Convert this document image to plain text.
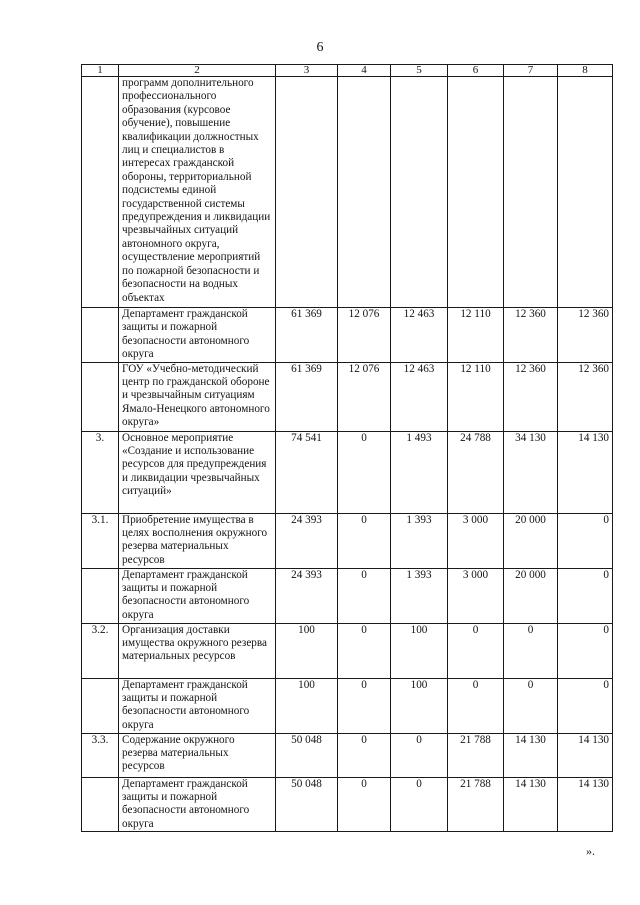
6
1	2	3	4	5	6	7	8
	программ дополнительного профессионального образования (курсовое обучение), повышение квалификации должностных лиц и специалистов в интересах гражданской обороны, территориальной подсистемы единой государственной системы предупреждения и ликвидации чрезвычайных ситуаций автономного округа, осуществление мероприятий по пожарной безопасности и безопасности на водных объектах						
	Департамент гражданской защиты и пожарной безопасности автономного округа	61 369	12 076	12 463	12 110	12 360	12 360
	ГОУ «Учебно-методический центр по гражданской обороне и чрезвычайным ситуациям Ямало-Ненецкого автономного округа»	61 369	12 076	12 463	12 110	12 360	12 360
3.	Основное мероприятие «Создание и использование ресурсов для предупреждения и ликвидации чрезвычайных ситуаций»	74 541	0	1 493	24 788	34 130	14 130
3.1.	Приобретение имущества в целях восполнения окружного резерва материальных ресурсов	24 393	0	1 393	3 000	20 000	0
	Департамент гражданской защиты и пожарной безопасности автономного округа	24 393	0	1 393	3 000	20 000	0
3.2.	Организация доставки имущества окружного резерва материальных ресурсов	100	0	100	0	0	0
	Департамент гражданской защиты и пожарной безопасности автономного округа	100	0	100	0	0	0
3.3.	Содержание окружного резерва материальных ресурсов	50 048	0	0	21 788	14 130	14 130
	Департамент гражданской защиты и пожарной безопасности автономного округа	50 048	0	0	21 788	14 130	14 130
».
